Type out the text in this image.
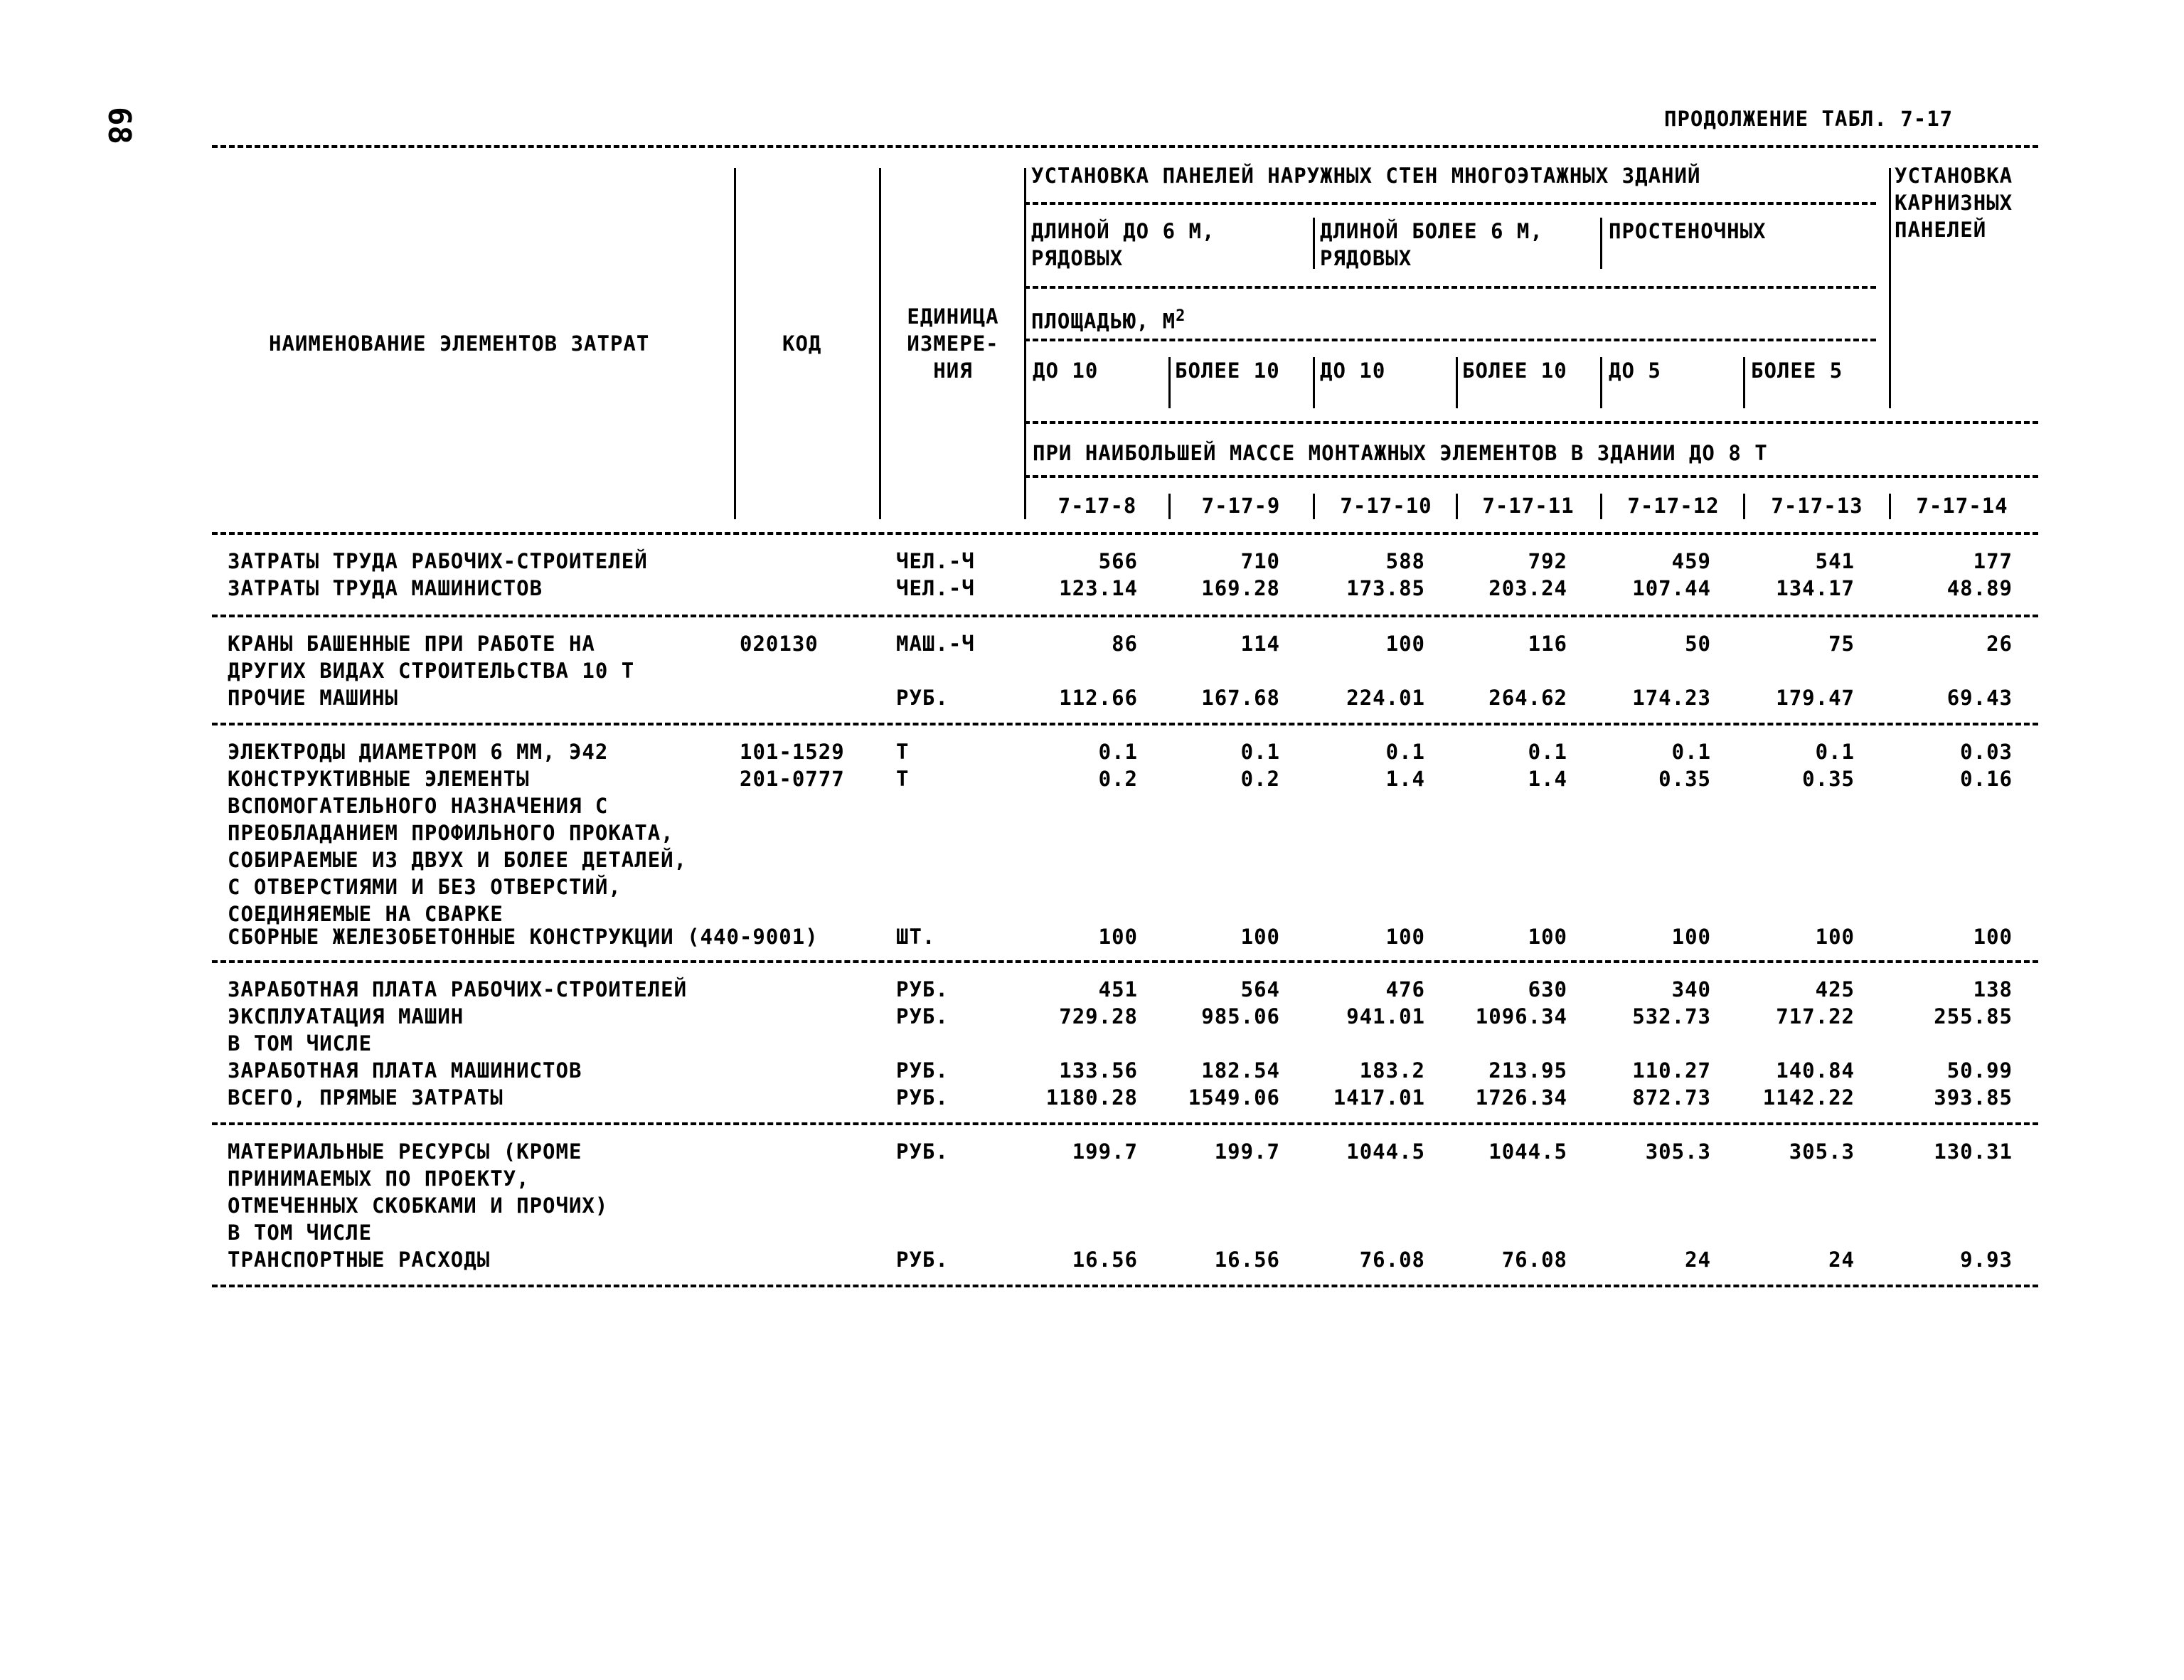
68	ПРОДОЛЖЕНИЕ ТАБЛ. 7-17
НАИМЕНОВАНИЕ ЭЛЕМЕНТОВ ЗАТРАТ	КОД
ЕДИНИЦА
ИЗМЕРЕ-
НИЯ
УСТАНОВКА ПАНЕЛЕЙ НАРУЖНЫХ СТЕН МНОГОЭТАЖНЫХ ЗДАНИЙ	УСТАНОВКА
КАРНИЗНЫХ
ПАНЕЛЕЙ
ДЛИНОЙ ДО 6 М,
РЯДОВЫХ
ДЛИНОЙ БОЛЕЕ 6 М,
РЯДОВЫХ
ПРОСТЕНОЧНЫХ
ПЛОЩАДЬЮ, $М^2$
ДО 10	БОЛЕЕ 10 ДО 10	БОЛЕЕ 10 ДО 5	БОЛЕЕ 5
ПРИ НАИБОЛЬШЕЙ МАССЕ МОНТАЖНЫХ ЭЛЕМЕНТОВ В ЗДАНИИ ДО 8 Т
7-17-8	7-17-9	7-17-10	7-17-11	7-17-12	7-17-13	7-17-14
ЗАТРАТЫ ТРУДА РАБОЧИХ-СТРОИТЕЛЕЙ	ЧЕЛ.-Ч	566	710	588	792	459	541	177
ЗАТРАТЫ ТРУДА МАШИНИСТОВ	ЧЕЛ.-Ч	123.14	169.28	173.85	203.24	107.44	134.17	48.89
КРАНЫ БАШЕННЫЕ ПРИ РАБОТЕ НА
ДРУГИХ ВИДАХ СТРОИТЕЛЬСТВА 10 Т
020130	МАШ.-Ч	86	114	100	116	50	75	26
ПРОЧИЕ МАШИНЫ	РУБ.	112.66	167.68	224.01	264.62	174.23	179.47	69.43
ЭЛЕКТРОДЫ ДИАМЕТРОМ 6 ММ, Э42	101-1529 Т	0.1	0.1	0.1	0.1	0.1	0.1	0.03
КОНСТРУКТИВНЫЕ ЭЛЕМЕНТЫ
ВСПОМОГАТЕЛЬНОГО НАЗНАЧЕНИЯ С
ПРЕОБЛАДАНИЕМ ПРОФИЛЬНОГО ПРОКАТА,
СОБИРАЕМЫЕ ИЗ ДВУХ И БОЛЕЕ ДЕТАЛЕЙ,
С ОТВЕРСТИЯМИ И БЕЗ ОТВЕРСТИЙ,
СОЕДИНЯЕМЫЕ НА СВАРКЕ
201-0777 Т	0.2	0.2	1.4	1.4	0.35	0.35	0.16
СБОРНЫЕ ЖЕЛЕЗОБЕТОННЫЕ КОНСТРУКЦИИ (440-9001)	ШТ.	100	100	100	100	100	100	100
ЗАРАБОТНАЯ ПЛАТА РАБОЧИХ-СТРОИТЕЛЕЙ	РУБ.	451	564	476	630	340	425	138
ЭКСПЛУАТАЦИЯ МАШИН	РУБ.	729.28	985.06	941.01	1096.34	532.73	717.22	255.85
В ТОМ ЧИСЛЕ
ЗАРАБОТНАЯ ПЛАТА МАШИНИСТОВ	РУБ.	133.56	182.54	183.2	213.95	110.27	140.84	50.99
ВСЕГО, ПРЯМЫЕ ЗАТРАТЫ	РУБ.	1180.28	1549.06	1417.01	1726.34	872.73	1142.22	393.85
МАТЕРИАЛЬНЫЕ РЕСУРСЫ (КРОМЕ
ПРИНИМАЕМЫХ ПО ПРОЕКТУ,
ОТМЕЧЕННЫХ СКОБКАМИ И ПРОЧИХ)
РУБ.	199.7	199.7	1044.5	1044.5	305.3	305.3	130.31
В ТОМ ЧИСЛЕ
ТРАНСПОРТНЫЕ РАСХОДЫ	РУБ.	16.56	16.56	76.08	76.08	24	24	9.93
